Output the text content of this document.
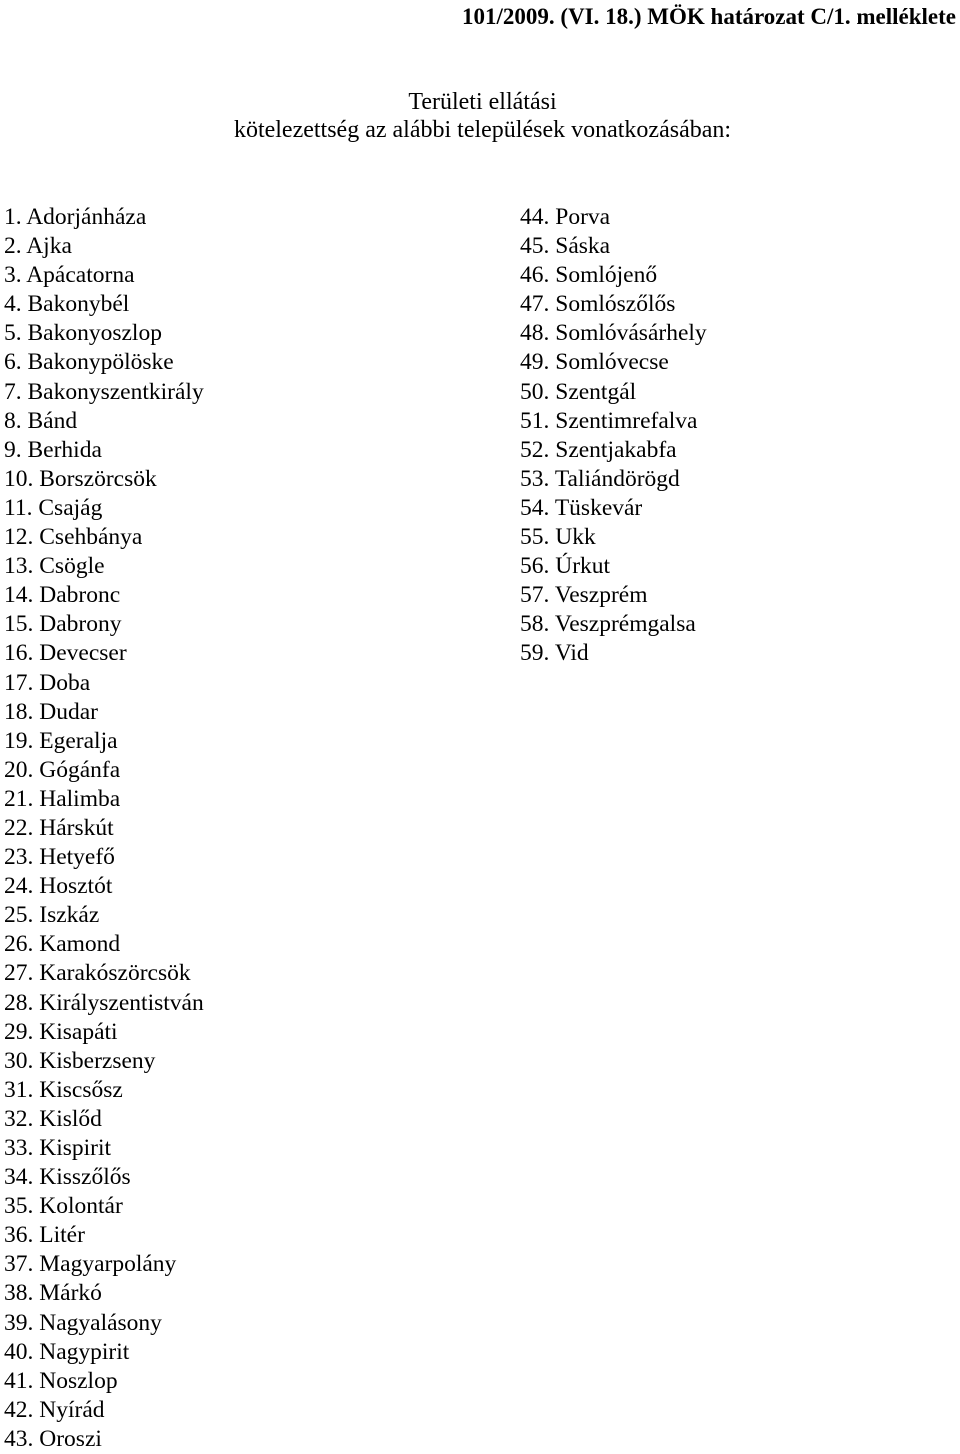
101/2009. (VI. 18.) MÖK határozat C/1. melléklete
Területi ellátási
kötelezettség az alábbi települések vonatkozásában:
1. Adorjánháza
2. Ajka
3. Apácatorna
4. Bakonybél
5. Bakonyoszlop
6. Bakonypölöske
7. Bakonyszentkirály
8. Bánd
9. Berhida
10. Borszörcsök
11. Csajág
12. Csehbánya
13. Csögle
14. Dabronc
15. Dabrony
16. Devecser
17. Doba
18. Dudar
19. Egeralja
20. Gógánfa
21. Halimba
22. Hárskút
23. Hetyefő
24. Hosztót
25. Iszkáz
26. Kamond
27. Karakószörcsök
28. Királyszentistván
29. Kisapáti
30. Kisberzseny
31. Kiscsősz
32. Kislőd
33. Kispirit
34. Kisszőlős
35. Kolontár
36. Litér
37. Magyarpolány
38. Márkó
39. Nagyalásony
40. Nagypirit
41. Noszlop
42. Nyírád
43. Oroszi
44. Porva
45. Sáska
46. Somlójenő
47. Somlószőlős
48. Somlóvásárhely
49. Somlóvecse
50. Szentgál
51. Szentimrefalva
52. Szentjakabfa
53. Taliándörögd
54. Tüskevár
55. Ukk
56. Úrkut
57. Veszprém
58. Veszprémgalsa
59. Vid
